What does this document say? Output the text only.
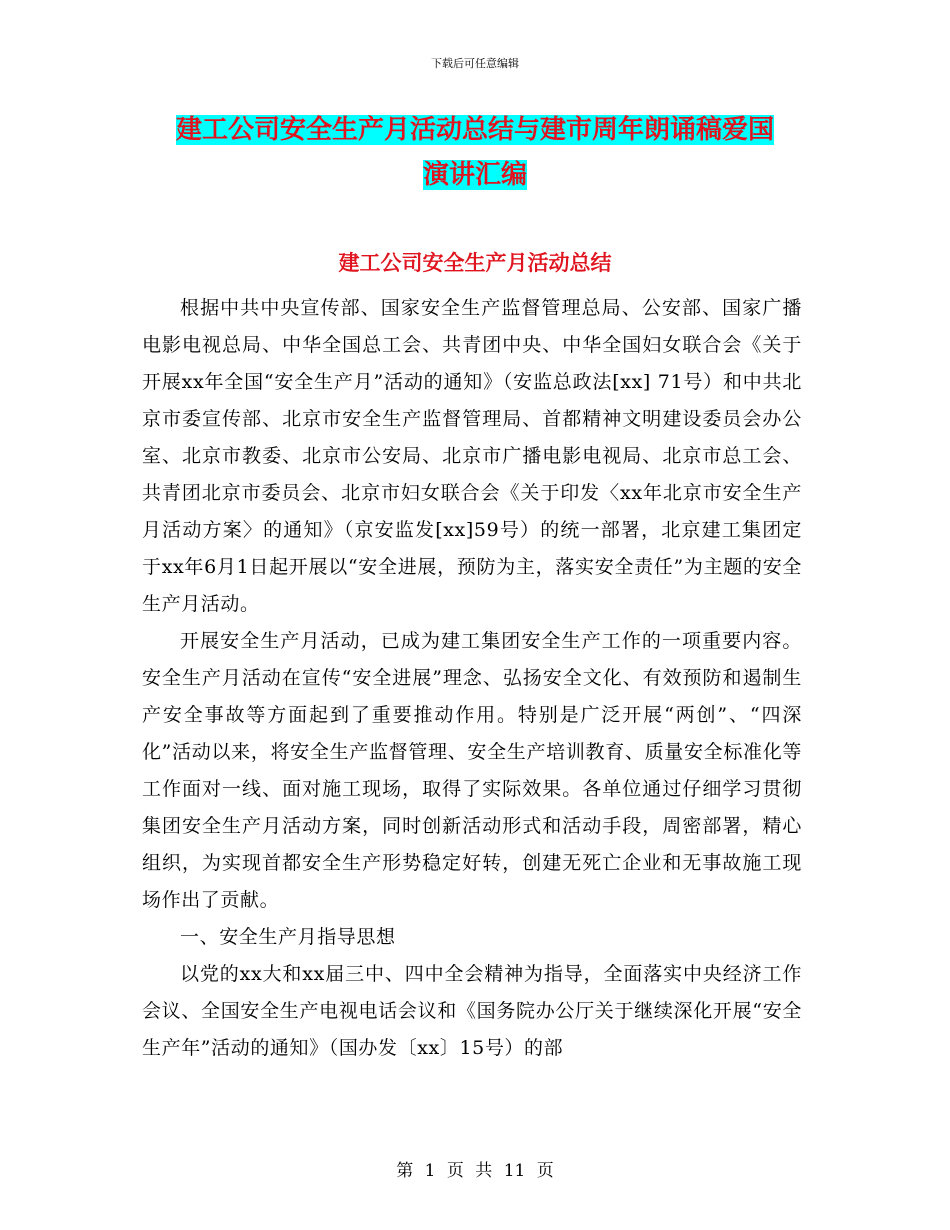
下载后可任意编辑
建工公司安全生产月活动总结与建市周年朗诵稿爱国
演讲汇编
建工公司安全生产月活动总结

根据中共中央宣传部、国家安全生产监督管理总局、公安部、国家广播电影电视总局、中华全国总工会、共青团中央、中华全国妇女联合会《关于开展xx年全国“安全生产月”活动的通知》（安监总政法[xx] 71号）和中共北京市委宣传部、北京市安全生产监督管理局、首都精神文明建设委员会办公室、北京市教委、北京市公安局、北京市广播电影电视局、北京市总工会、共青团北京市委员会、北京市妇女联合会《关于印发〈xx年北京市安全生产月活动方案〉的通知》（京安监发[xx]59号）的统一部署，北京建工集团定于xx年6月1日起开展以“安全进展，预防为主，落实安全责任”为主题的安全生产月活动。

开展安全生产月活动，已成为建工集团安全生产工作的一项重要内容。安全生产月活动在宣传“安全进展”理念、弘扬安全文化、有效预防和遏制生产安全事故等方面起到了重要推动作用。特别是广泛开展“两创”、“四深化”活动以来，将安全生产监督管理、安全生产培训教育、质量安全标准化等工作面对一线、面对施工现场，取得了实际效果。各单位通过仔细学习贯彻集团安全生产月活动方案，同时创新活动形式和活动手段，周密部署，精心组织，为实现首都安全生产形势稳定好转，创建无死亡企业和无事故施工现场作出了贡献。

一、安全生产月指导思想

以党的xx大和xx届三中、四中全会精神为指导，全面落实中央经济工作会议、全国安全生产电视电话会议和《国务院办公厅关于继续深化开展“安全生产年”活动的通知》（国办发〔xx〕15号）的部

第 1 页 共 11 页
